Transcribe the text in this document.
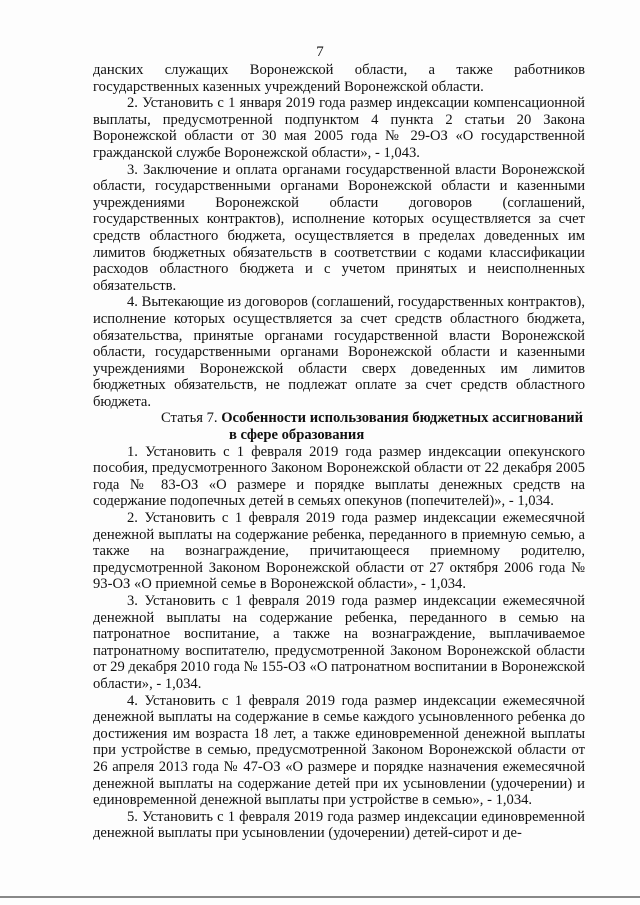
7

данских служащих Воронежской области, а также работников государственных казенных учреждений Воронежской области.

2. Установить с 1 января 2019 года размер индексации компенсационной выплаты, предусмотренной подпунктом 4 пункта 2 статьи 20 Закона Воронежской области от 30 мая 2005 года № 29-ОЗ «О государственной гражданской службе Воронежской области», - 1,043.

3. Заключение и оплата органами государственной власти Воронежской области, государственными органами Воронежской области и казенными учреждениями Воронежской области договоров (соглашений, государственных контрактов), исполнение которых осуществляется за счет средств областного бюджета, осуществляется в пределах доведенных им лимитов бюджетных обязательств в соответствии с кодами классификации расходов областного бюджета и с учетом принятых и неисполненных обязательств.

4. Вытекающие из договоров (соглашений, государственных контрактов), исполнение которых осуществляется за счет средств областного бюджета, обязательства, принятые органами государственной власти Воронежской области, государственными органами Воронежской области и казенными учреждениями Воронежской области сверх доведенных им лимитов бюджетных обязательств, не подлежат оплате за счет средств областного бюджета.

Статья 7. Особенности использования бюджетных ассигнований
в сфере образования

1. Установить с 1 февраля 2019 года размер индексации опекунского пособия, предусмотренного Законом Воронежской области от 22 декабря 2005 года № 83-ОЗ «О размере и порядке выплаты денежных средств на содержание подопечных детей в семьях опекунов (попечителей)», - 1,034.

2. Установить с 1 февраля 2019 года размер индексации ежемесячной денежной выплаты на содержание ребенка, переданного в приемную семью, а также на вознаграждение, причитающееся приемному родителю, предусмотренной Законом Воронежской области от 27 октября 2006 года № 93-ОЗ «О приемной семье в Воронежской области», - 1,034.

3. Установить с 1 февраля 2019 года размер индексации ежемесячной денежной выплаты на содержание ребенка, переданного в семью на патронатное воспитание, а также на вознаграждение, выплачиваемое патронатному воспитателю, предусмотренной Законом Воронежской области от 29 декабря 2010 года № 155-ОЗ «О патронатном воспитании в Воронежской области», - 1,034.

4. Установить с 1 февраля 2019 года размер индексации ежемесячной денежной выплаты на содержание в семье каждого усыновленного ребенка до достижения им возраста 18 лет, а также единовременной денежной выплаты при устройстве в семью, предусмотренной Законом Воронежской области от 26 апреля 2013 года № 47-ОЗ «О размере и порядке назначения ежемесячной денежной выплаты на содержание детей при их усыновлении (удочерении) и единовременной денежной выплаты при устройстве в семью», - 1,034.

5. Установить с 1 февраля 2019 года размер индексации единовременной денежной выплаты при усыновлении (удочерении) детей-сирот и де-
